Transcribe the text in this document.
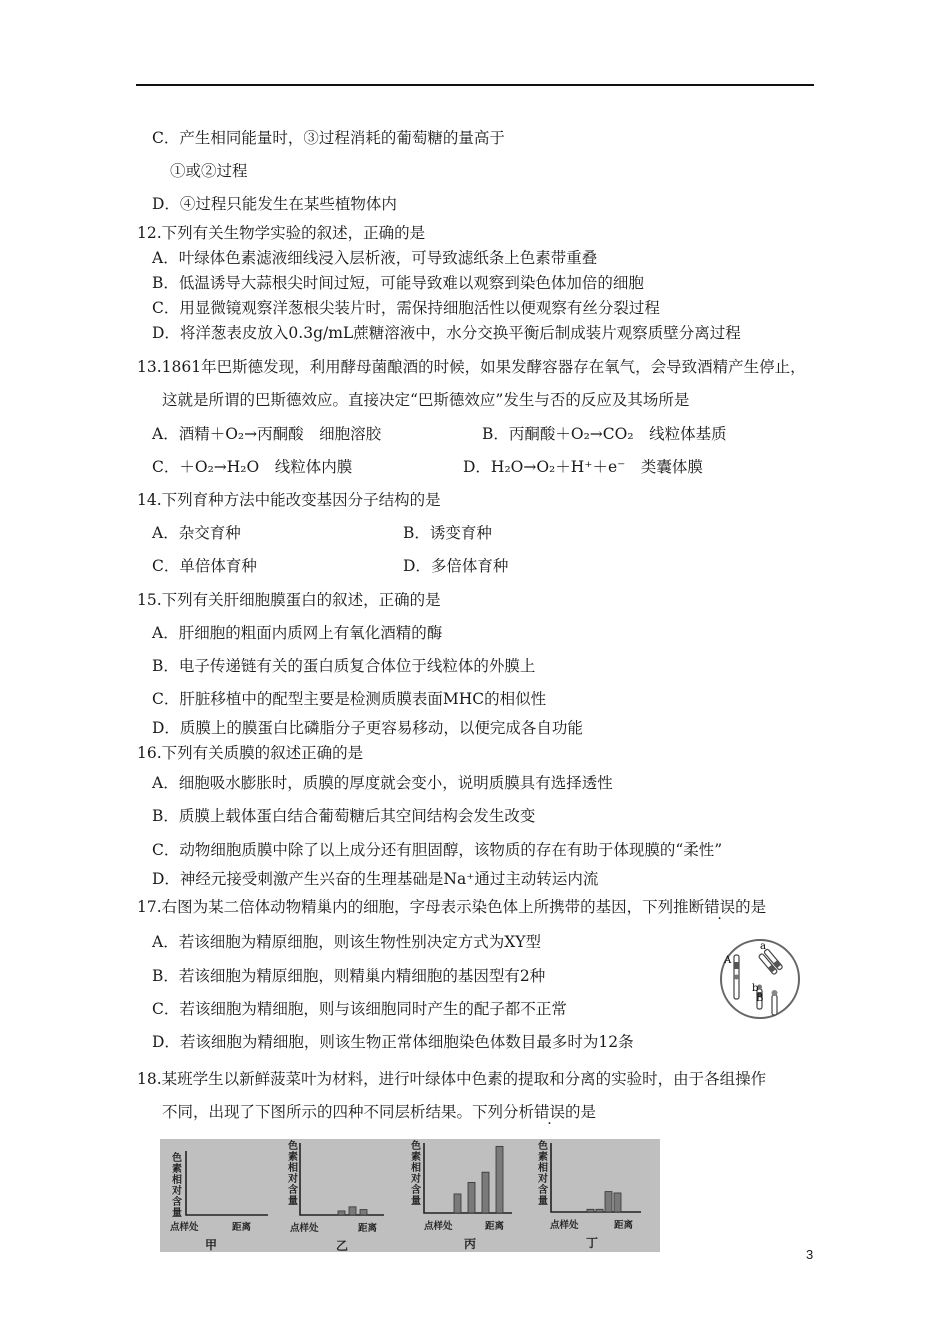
C．产生相同能量时，③过程消耗的葡萄糖的量高于
①或②过程
D．④过程只能发生在某些植物体内
12.下列有关生物学实验的叙述，正确的是
A．叶绿体色素滤液细线浸入层析液，可导致滤纸条上色素带重叠
B．低温诱导大蒜根尖时间过短，可能导致难以观察到染色体加倍的细胞
C．用显微镜观察洋葱根尖装片时，需保持细胞活性以便观察有丝分裂过程
D．将洋葱表皮放入0.3g/mL蔗糖溶液中，水分交换平衡后制成装片观察质壁分离过程
13.1861年巴斯德发现，利用酵母菌酿酒的时候，如果发酵容器存在氧气，会导致酒精产生停止，
这就是所谓的巴斯德效应。直接决定“巴斯德效应”发生与否的反应及其场所是
A．酒精＋O₂→丙酮酸　细胞溶胶	B．丙酮酸＋O₂→CO₂　线粒体基质
C．＋O₂→H₂O　线粒体内膜	D．H₂O→O₂＋H⁺＋e⁻　类囊体膜
14.下列育种方法中能改变基因分子结构的是
A．杂交育种	B．诱变育种
C．单倍体育种	D．多倍体育种
15.下列有关肝细胞膜蛋白的叙述，正确的是
A．肝细胞的粗面内质网上有氧化酒精的酶
B．电子传递链有关的蛋白质复合体位于线粒体的外膜上
C．肝脏移植中的配型主要是检测质膜表面MHC的相似性
D．质膜上的膜蛋白比磷脂分子更容易移动，以便完成各自功能
16.下列有关质膜的叙述正确的是
A．细胞吸水膨胀时，质膜的厚度就会变小，说明质膜具有选择透性
B．质膜上载体蛋白结合葡萄糖后其空间结构会发生改变
C．动物细胞质膜中除了以上成分还有胆固醇，该物质的存在有助于体现膜的“柔性”
D．神经元接受刺激产生兴奋的生理基础是Na⁺通过主动转运内流
17.右图为某二倍体动物精巢内的细胞，字母表示染色体上所携带的基因，下列推断错误的是
A．若该细胞为精原细胞，则该生物性别决定方式为XY型
B．若该细胞为精原细胞，则精巢内精细胞的基因型有2种
C．若该细胞为精细胞，则与该细胞同时产生的配子都不正常
D．若该细胞为精细胞，则该生物正常体细胞染色体数目最多时为12条
18.某班学生以新鲜菠菜叶为材料，进行叶绿体中色素的提取和分离的实验时，由于各组操作
不同，出现了下图所示的四种不同层析结果。下列分析错误的是
A
a
b
B
色素相对含量
点样处	距离
甲
色素相对含量
点样处	距离
乙
色素相对含量
点样处	距离
丙
色素相对含量
点样处	距离
丁
3
